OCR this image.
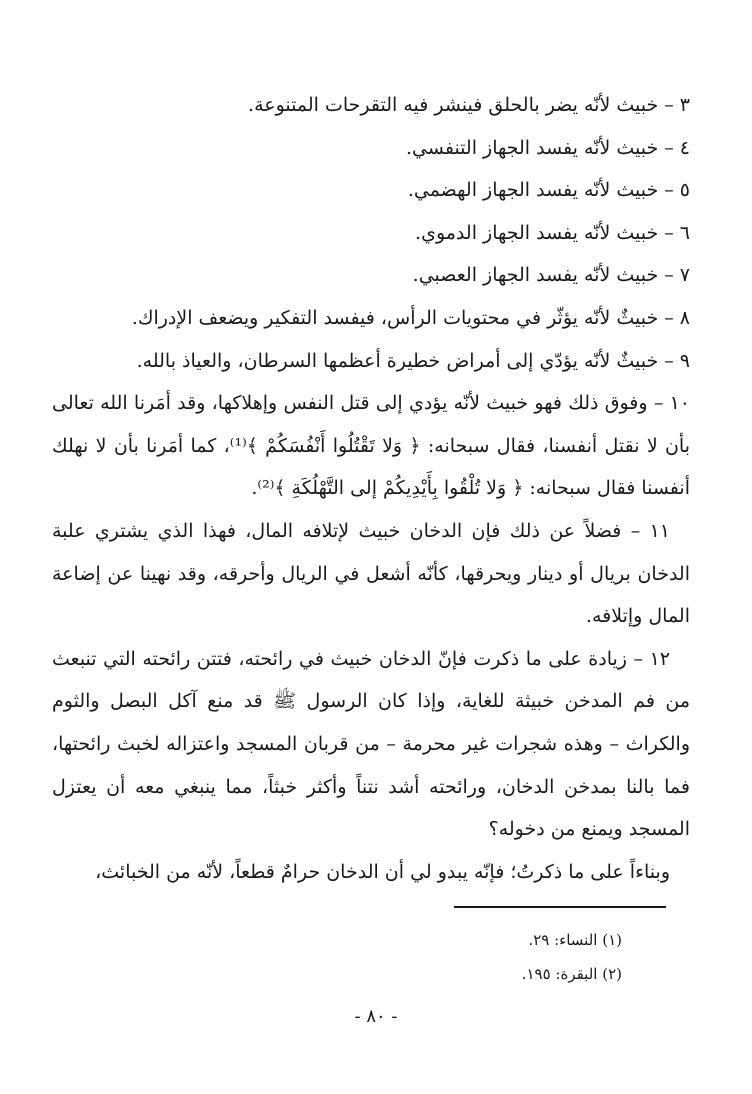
٣ – خبيث لأنّه يضر بالحلق فينشر فيه التقرحات المتنوعة.

٤ – خبيث لأنّه يفسد الجهاز التنفسي.

٥ – خبيث لأنّه يفسد الجهاز الهضمي.

٦ – خبيث لأنّه يفسد الجهاز الدموي.

٧ – خبيث لأنّه يفسد الجهاز العصبي.

٨ – خبيثٌ لأنّه يؤثّر في محتويات الرأس، فيفسد التفكير ويضعف الإدراك.

٩ – خبيثٌ لأنّه يؤدّي إلى أمراض خطيرة أعظمها السرطان، والعياذ بالله.

١٠ – وفوق ذلك فهو خبيث لأنّه يؤدي إلى قتل النفس وإهلاكها، وقد أمَرنا الله تعالى بأن لا نقتل أنفسنا، فقال سبحانه: ﴿ وَلا تَقْتُلُوا أَنْفُسَكُمْ ﴾⁽¹⁾، كما أمَرنا بأن لا نهلك أنفسنا فقال سبحانه: ﴿ وَلا تُلْقُوا بِأَيْدِيكُمْ إلى التَّهْلُكَةِ ﴾⁽²⁾.

١١ – فضلاً عن ذلك فإن الدخان خبيث لإتلافه المال، فهذا الذي يشتري علبة الدخان بريال أو دينار ويحرقها، كأنّه أشعل في الريال وأحرقه، وقد نهينا عن إضاعة المال وإتلافه.

١٢ – زيادة على ما ذكرت فإنّ الدخان خبيث في رائحته، فتتن رائحته التي تنبعث من فم المدخن خبيثة للغاية، وإذا كان الرسول ﷺ قد منع آكل البصل والثوم والكراث – وهذه شجرات غير محرمة – من قربان المسجد واعتزاله لخبث رائحتها، فما بالنا بمدخن الدخان، ورائحته أشد نتناً وأكثر خبثاً، مما ينبغي معه أن يعتزل المسجد ويمنع من دخوله؟

وبناءاً على ما ذكرتُ؛ فإنّه يبدو لي أن الدخان حرامٌ قطعاً، لأنّه من الخبائث،

(١) النساء: ٢٩.
(٢) البقرة: ١٩٥.
- ٨٠ -
